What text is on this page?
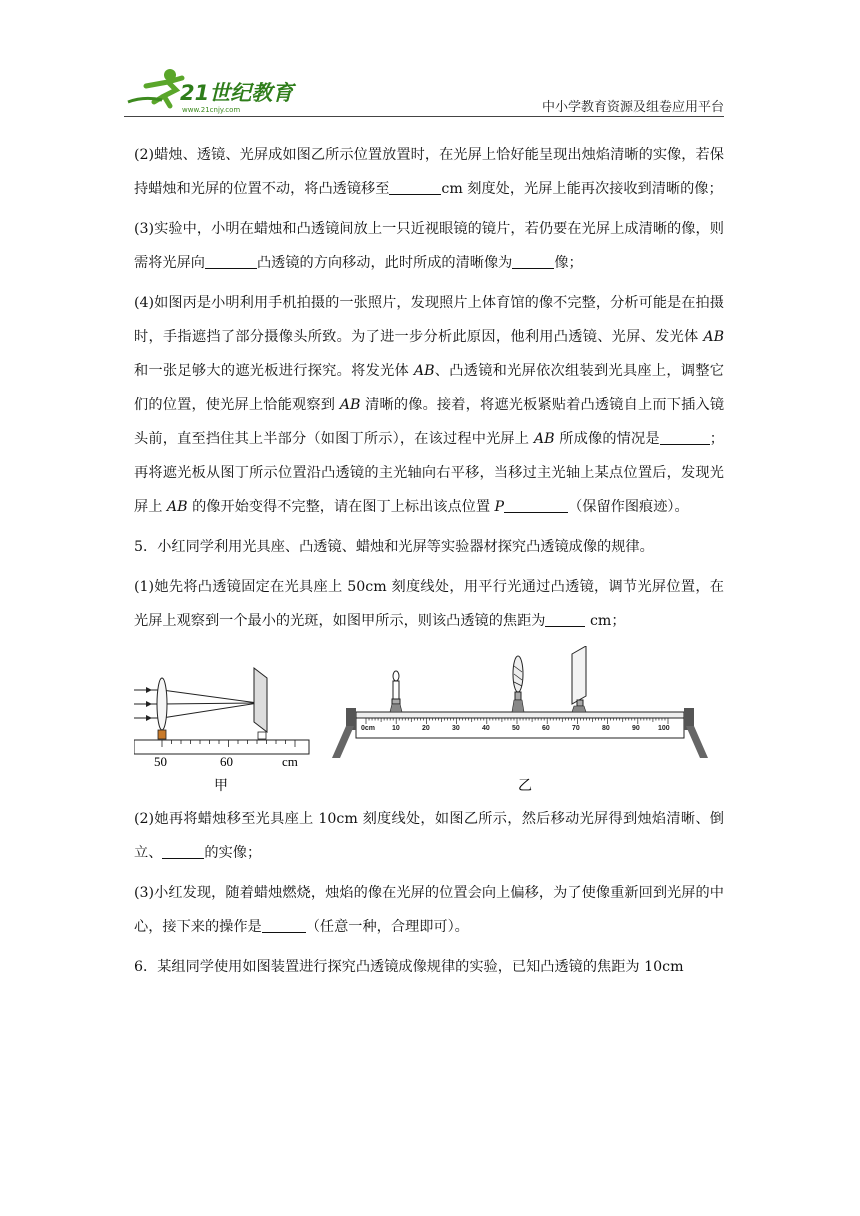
21世纪教育
www.21cnjy.com	中小学教育资源及组卷应用平台

(2)蜡烛、透镜、光屏成如图乙所示位置放置时，在光屏上恰好能呈现出烛焰清晰的实像，若保持蜡烛和光屏的位置不动，将凸透镜移至	cm 刻度处，光屏上能再次接收到清晰的像；

(3)实验中，小明在蜡烛和凸透镜间放上一只近视眼镜的镜片，若仍要在光屏上成清晰的像，则需将光屏向	凸透镜的方向移动，此时所成的清晰像为	像；

(4)如图丙是小明利用手机拍摄的一张照片，发现照片上体育馆的像不完整，分析可能是在拍摄时，手指遮挡了部分摄像头所致。为了进一步分析此原因，他利用凸透镜、光屏、发光体 AB 和一张足够大的遮光板进行探究。将发光体 AB、凸透镜和光屏依次组装到光具座上，调整它们的位置，使光屏上恰能观察到 AB 清晰的像。接着，将遮光板紧贴着凸透镜自上而下插入镜头前，直至挡住其上半部分（如图丁所示），在该过程中光屏上 AB 所成像的情况是	；再将遮光板从图丁所示位置沿凸透镜的主光轴向右平移，当移过主光轴上某点位置后，发现光屏上 AB 的像开始变得不完整，请在图丁上标出该点位置 P	（保留作图痕迹）。

5．小红同学利用光具座、凸透镜、蜡烛和光屏等实验器材探究凸透镜成像的规律。

(1)她先将凸透镜固定在光具座上 50cm 刻度线处，用平行光通过凸透镜，调节光屏位置，在光屏上观察到一个最小的光斑，如图甲所示，则该凸透镜的焦距为	cm；

50	60	cm
甲
0cm 10	20	30	40	50	60	70	80	90	100
乙

(2)她再将蜡烛移至光具座上 10cm 刻度线处，如图乙所示，然后移动光屏得到烛焰清晰、倒立、	的实像；

(3)小红发现，随着蜡烛燃烧，烛焰的像在光屏的位置会向上偏移，为了使像重新回到光屏的中心，接下来的操作是	（任意一种，合理即可）。

6．某组同学使用如图装置进行探究凸透镜成像规律的实验，已知凸透镜的焦距为 10cm
